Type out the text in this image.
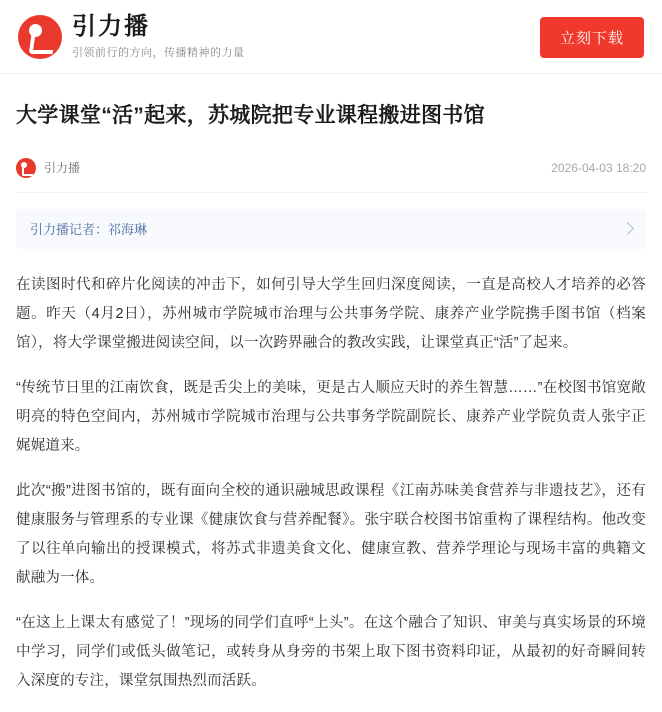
引力播
引领前行的方向，传播精神的力量
立刻下载
大学课堂“活”起来，苏城院把专业课程搬进图书馆
引力播	2026-04-03 18:20
引力播记者：祁海琳

在读图时代和碎片化阅读的冲击下，如何引导大学生回归深度阅读，一直是高校人才培养的必答题。昨天（4月2日），苏州城市学院城市治理与公共事务学院、康养产业学院携手图书馆（档案馆），将大学课堂搬进阅读空间，以一次跨界融合的教改实践，让课堂真正“活”了起来。

“传统节日里的江南饮食，既是舌尖上的美味，更是古人顺应天时的养生智慧……”在校图书馆宽敞明亮的特色空间内，苏州城市学院城市治理与公共事务学院副院长、康养产业学院负责人张宇正娓娓道来。

此次“搬”进图书馆的，既有面向全校的通识融城思政课程《江南苏味美食营养与非遗技艺》，还有健康服务与管理系的专业课《健康饮食与营养配餐》。张宇联合校图书馆重构了课程结构。他改变了以往单向输出的授课模式，将苏式非遗美食文化、健康宣教、营养学理论与现场丰富的典籍文献融为一体。

“在这上上课太有感觉了！”现场的同学们直呼“上头”。在这个融合了知识、审美与真实场景的环境中学习，同学们或低头做笔记，或转身从身旁的书架上取下图书资料印证，从最初的好奇瞬间转入深度的专注，课堂氛围热烈而活跃。
